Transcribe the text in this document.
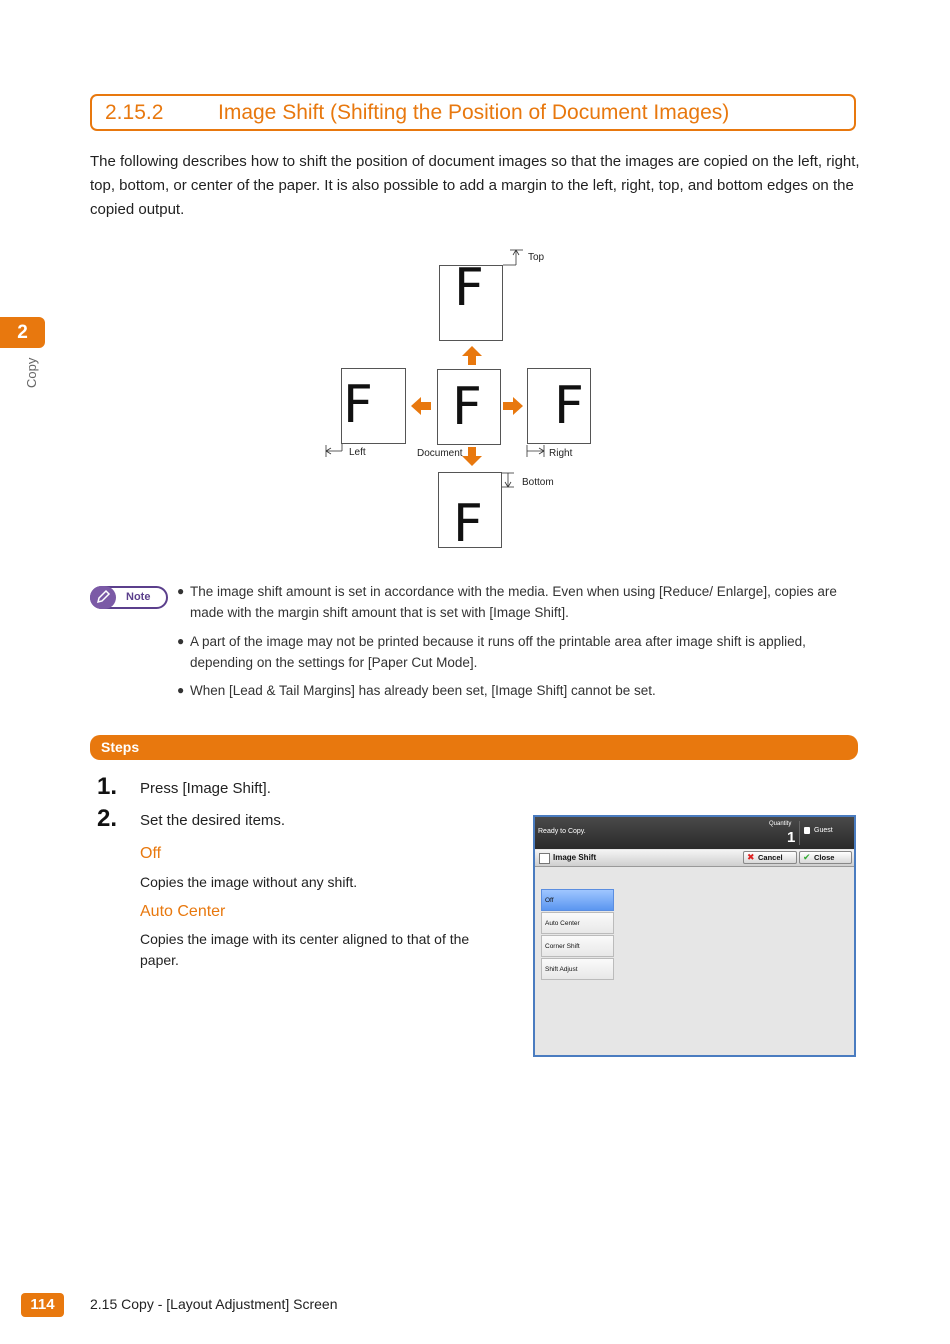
2.15.2	Image Shift (Shifting the Position of Document Images)
The following describes how to shift the position of document images so that the images are copied on the left, right, top, bottom, or center of the paper. It is also possible to add a margin to the left, right, top, and bottom edges on the copied output.
2
Copy
F
F F F
F
Top
Left	Document	Right
Bottom
Note ● The image shift amount is set in accordance with the media. Even when using [Reduce/ Enlarge], copies are made with the margin shift amount that is set with [Image Shift].
● A part of the image may not be printed because it runs off the printable area after image shift is applied, depending on the settings for [Paper Cut Mode].
● When [Lead & Tail Margins] has already been set, [Image Shift] cannot be set.
Steps
1. Press [Image Shift].
2. Set the desired items.
Off
Copies the image without any shift.
Auto Center
Copies the image with its center aligned to that of the paper.
Ready to Copy.
Quantity
1	Guest
Image Shift	✖ Cancel	✔ Close
Off
Auto Center
Corner Shift
Shift Adjust
114	2.15 Copy - [Layout Adjustment] Screen
